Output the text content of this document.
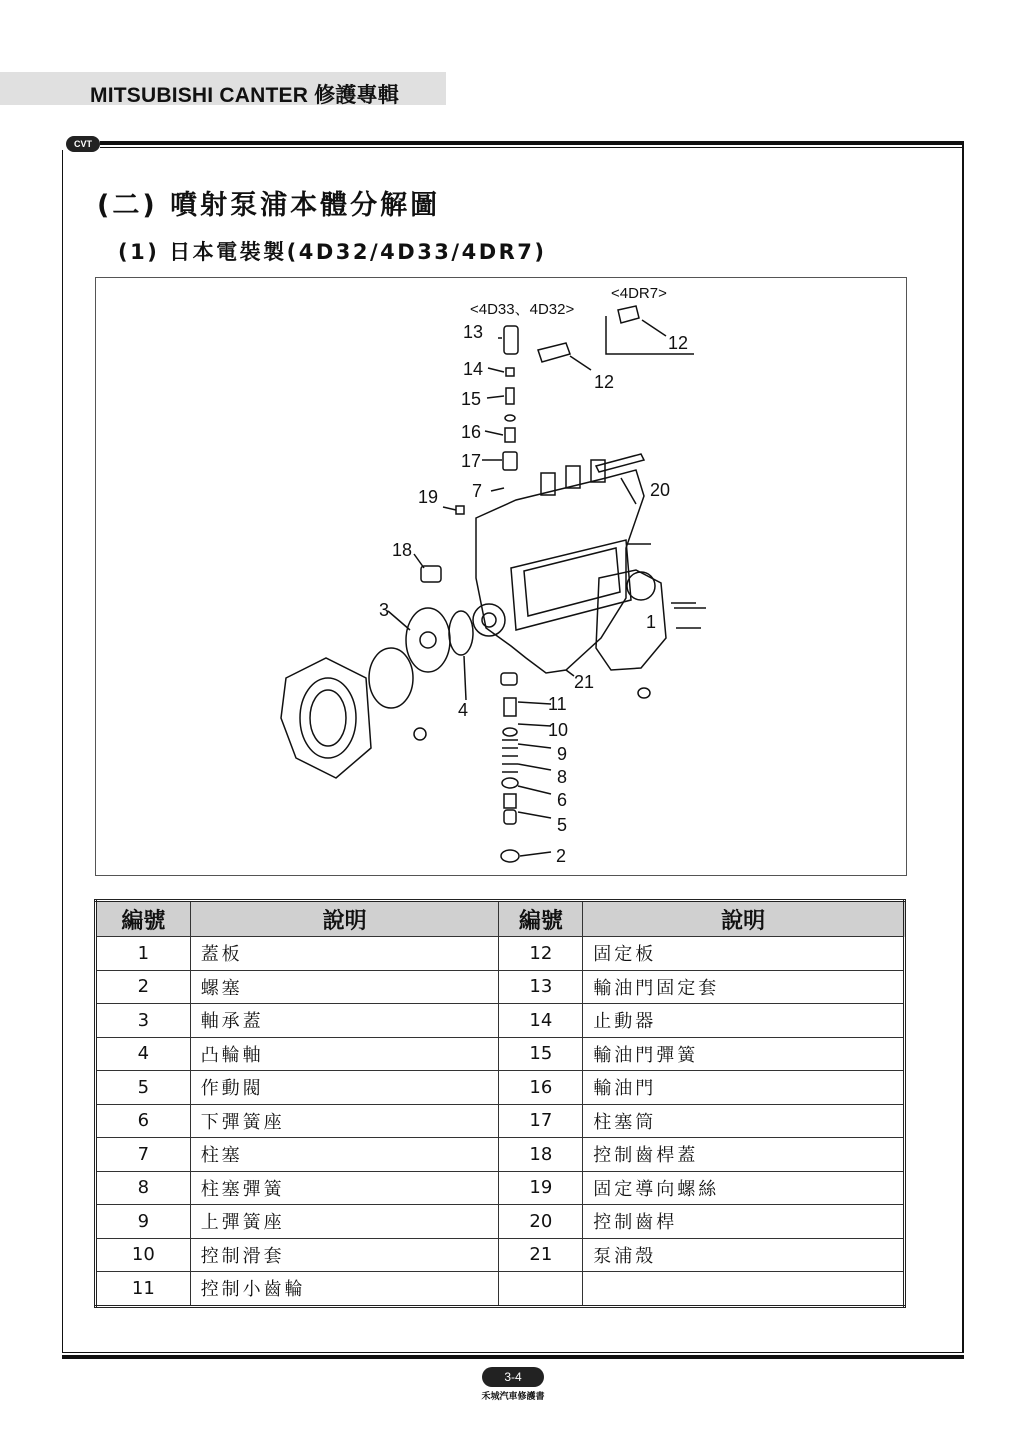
MITSUBISHI CANTER 修護專輯
CVT
(二) 噴射泵浦本體分解圖
(1) 日本電裝製(4D32/4D33/4DR7)
<4D33、4D32>
<4DR7>
1
2
3
4
5
6
7
8
9
10
11
12
12
13
14
15
16
17
18
19	20
21
編號	說明	編號	說明
1	蓋板	12	固定板
2	螺塞	13	輸油門固定套
3	軸承蓋	14	止動器
4	凸輪軸	15	輸油門彈簧
5	作動閥	16	輸油門
6	下彈簧座	17	柱塞筒
7	柱塞	18	控制齒桿蓋
8	柱塞彈簧	19	固定導向螺絲
9	上彈簧座	20	控制齒桿
10	控制滑套	21	泵浦殼
11	控制小齒輪		
3-4
禾城汽車修護書
